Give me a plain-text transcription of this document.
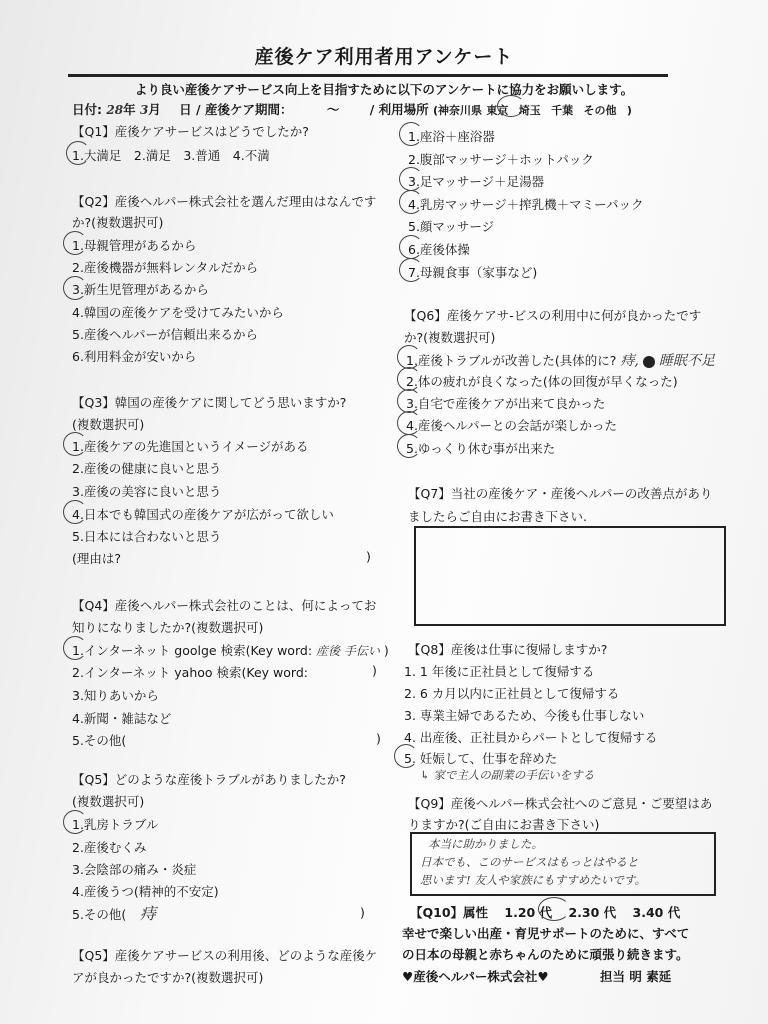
産後ケア利用者用アンケート
より良い産後ケアサービス向上を目指すために以下のアンケートに協力をお願いします。
日付: 28年 3月 日 / 産後ケア期間：	〜 / 利用場所 (神奈川県 東京 埼玉 千葉 その他 )
【Q1】産後ケアサービスはどうでしたか?
1.大満足　2.満足　3.普通　4.不満
【Q2】産後ヘルパー株式会社を選んだ理由はなんです
か?(複数選択可)
1.母親管理があるから
2.産後機器が無料レンタルだから
3.新生児管理があるから
4.韓国の産後ケアを受けてみたいから
5.産後ヘルパーが信頼出来るから
6.利用料金が安いから
【Q3】韓国の産後ケアに関してどう思いますか?
(複数選択可)
1.産後ケアの先進国というイメージがある
2.産後の健康に良いと思う
3.産後の美容に良いと思う
4.日本でも韓国式の産後ケアが広がって欲しい
5.日本には合わないと思う
(理由は?	)
【Q4】産後ヘルパー株式会社のことは、何によってお
知りになりましたか?(複数選択可)
1.インターネット goolge 検索(Key word: 産後 手伝い )
2.インターネット yahoo 検索(Key word:	)
3.知りあいから
4.新聞・雑誌など
5.その他(	)
【Q5】どのような産後トラブルがありましたか?
(複数選択可)
1.乳房トラブル
2.産後むくみ
3.会陰部の痛み・炎症
4.産後うつ(精神的不安定)
5.その他( 痔	)
【Q5】産後ケアサービスの利用後、どのような産後ケ
アが良かったですか?(複数選択可)
1.座浴＋座浴器
2.腹部マッサージ＋ホットパック
3.足マッサージ＋足湯器
4.乳房マッサージ＋搾乳機＋マミーパック
5.顔マッサージ
6.産後体操
7.母親食事（家事など)
【Q6】産後ケアサ-ビスの利用中に何が良かったです
か?(複数選択可)
1.産後トラブルが改善した(具体的に? 痔, 睡眠不足
2.体の疲れが良くなった(体の回復が早くなった)
3.自宅で産後ケアが出来て良かった
4.産後ヘルパーとの会話が楽しかった
5.ゆっくり休む事が出来た
【Q7】当社の産後ケア・産後ヘルパーの改善点があり
ましたらご自由にお書き下さい.
【Q8】産後は仕事に復帰しますか?
1. 1 年後に正社員として復帰する
2. 6 カ月以内に正社員として復帰する
3. 専業主婦であるため、今後も仕事しない
4. 出産後、正社員からパートとして復帰する
5. 妊娠して、仕事を辞めた
↳ 家で主人の副業の手伝いをする
【Q9】産後ヘルパー株式会社へのご意見・ご要望はあ
りますか?(ご自由にお書き下さい)
本当に助かりました。
日本でも、このサービスはもっとはやると
思います! 友人や家族にもすすめたいです。
【Q10】属性 1.20 代 2.30 代 3.40 代
幸せで楽しい出産・育児サポートのために、すべて
の日本の母親と赤ちゃんのために頑張り続きます。
♥産後ヘルパー株式会社♥	担当 明 素延
